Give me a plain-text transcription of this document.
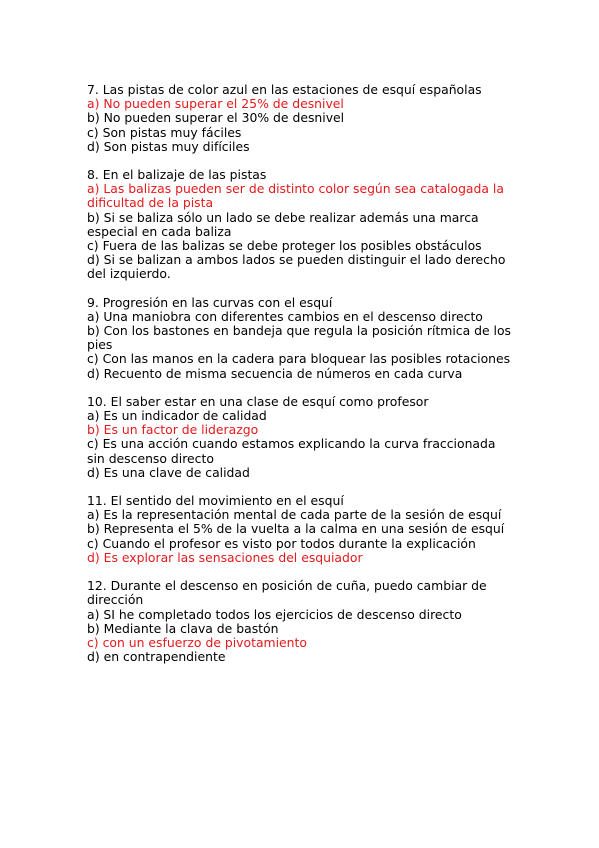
7. Las pistas de color azul en las estaciones de esquí españolas
a) No pueden superar el 25% de desnivel
b) No pueden superar el 30% de desnivel
c) Son pistas muy fáciles
d) Son pistas muy difíciles
8. En el balizaje de las pistas
a) Las balizas pueden ser de distinto color según sea catalogada la dificultad de la pista
b) Si se baliza sólo un lado se debe realizar además una marca especial en cada baliza
c) Fuera de las balizas se debe proteger los posibles obstáculos
d) Si se balizan a ambos lados se pueden distinguir el lado derecho del izquierdo.
9. Progresión en las curvas con el esquí
a) Una maniobra con diferentes cambios en el descenso directo
b) Con los bastones en bandeja que regula la posición rítmica de los pies
c) Con las manos en la cadera para bloquear las posibles rotaciones
d) Recuento de misma secuencia de números en cada curva
10. El saber estar en una clase de esquí como profesor
a) Es un indicador de calidad
b) Es un factor de liderazgo
c) Es una acción cuando estamos explicando la curva fraccionada sin descenso directo
d) Es una clave de calidad
11. El sentido del movimiento en el esquí
a) Es la representación mental de cada parte de la sesión de esquí
b) Representa el 5% de la vuelta a la calma en una sesión de esquí
c) Cuando el profesor es visto por todos durante la explicación
d) Es explorar las sensaciones del esquiador
12. Durante el descenso en posición de cuña, puedo cambiar de dirección
a) SI he completado todos los ejercicios de descenso directo
b) Mediante la clava de bastón
c) con un esfuerzo de pivotamiento
d) en contrapendiente
